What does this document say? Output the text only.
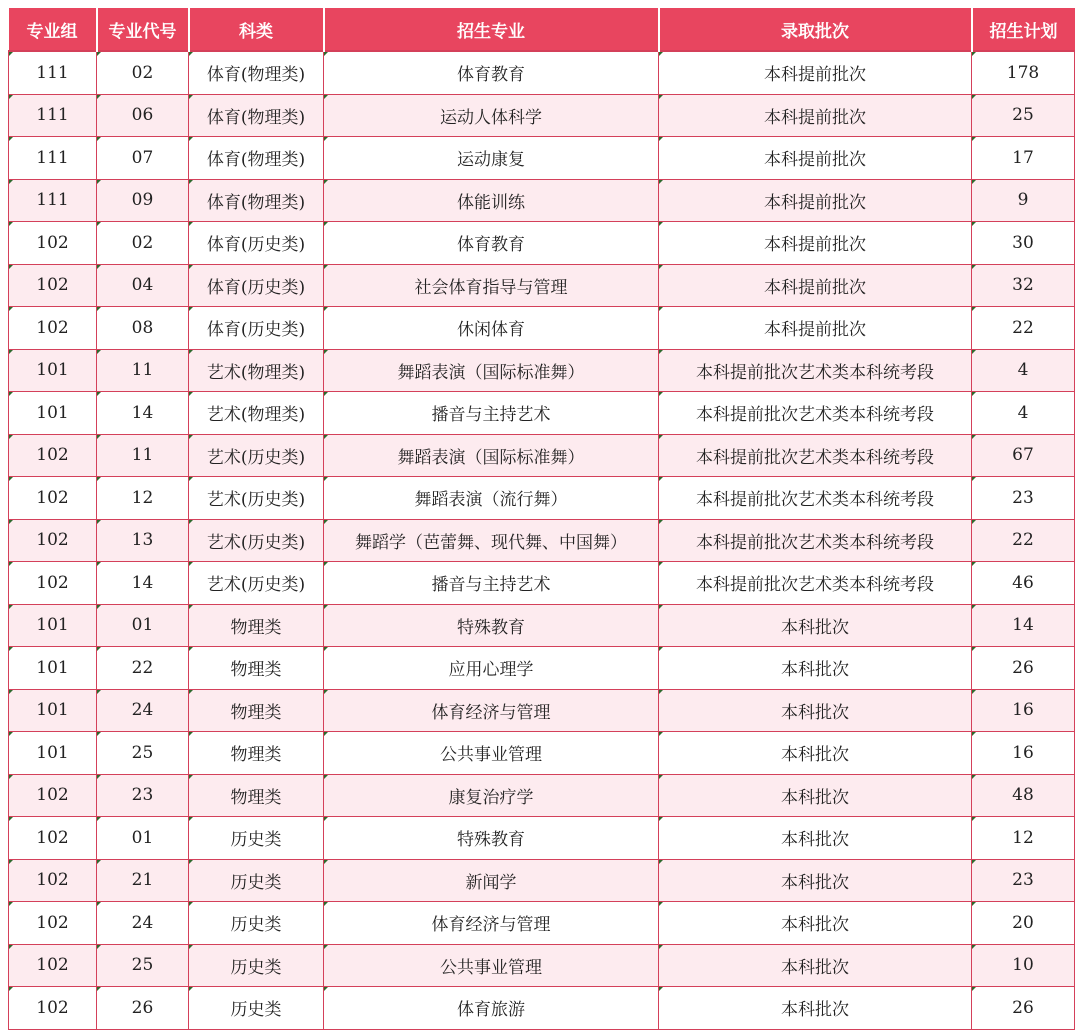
专业组	专业代号	科类	招生专业	录取批次	招生计划
111	02	体育(物理类)	体育教育	本科提前批次	178
111	06	体育(物理类)	运动人体科学	本科提前批次	25
111	07	体育(物理类)	运动康复	本科提前批次	17
111	09	体育(物理类)	体能训练	本科提前批次	9
102	02	体育(历史类)	体育教育	本科提前批次	30
102	04	体育(历史类)	社会体育指导与管理	本科提前批次	32
102	08	体育(历史类)	休闲体育	本科提前批次	22
101	11	艺术(物理类)	舞蹈表演（国际标准舞）	本科提前批次艺术类本科统考段	4
101	14	艺术(物理类)	播音与主持艺术	本科提前批次艺术类本科统考段	4
102	11	艺术(历史类)	舞蹈表演（国际标准舞）	本科提前批次艺术类本科统考段	67
102	12	艺术(历史类)	舞蹈表演（流行舞）	本科提前批次艺术类本科统考段	23
102	13	艺术(历史类)	舞蹈学（芭蕾舞、现代舞、中国舞）	本科提前批次艺术类本科统考段	22
102	14	艺术(历史类)	播音与主持艺术	本科提前批次艺术类本科统考段	46
101	01	物理类	特殊教育	本科批次	14
101	22	物理类	应用心理学	本科批次	26
101	24	物理类	体育经济与管理	本科批次	16
101	25	物理类	公共事业管理	本科批次	16
102	23	物理类	康复治疗学	本科批次	48
102	01	历史类	特殊教育	本科批次	12
102	21	历史类	新闻学	本科批次	23
102	24	历史类	体育经济与管理	本科批次	20
102	25	历史类	公共事业管理	本科批次	10
102	26	历史类	体育旅游	本科批次	26
